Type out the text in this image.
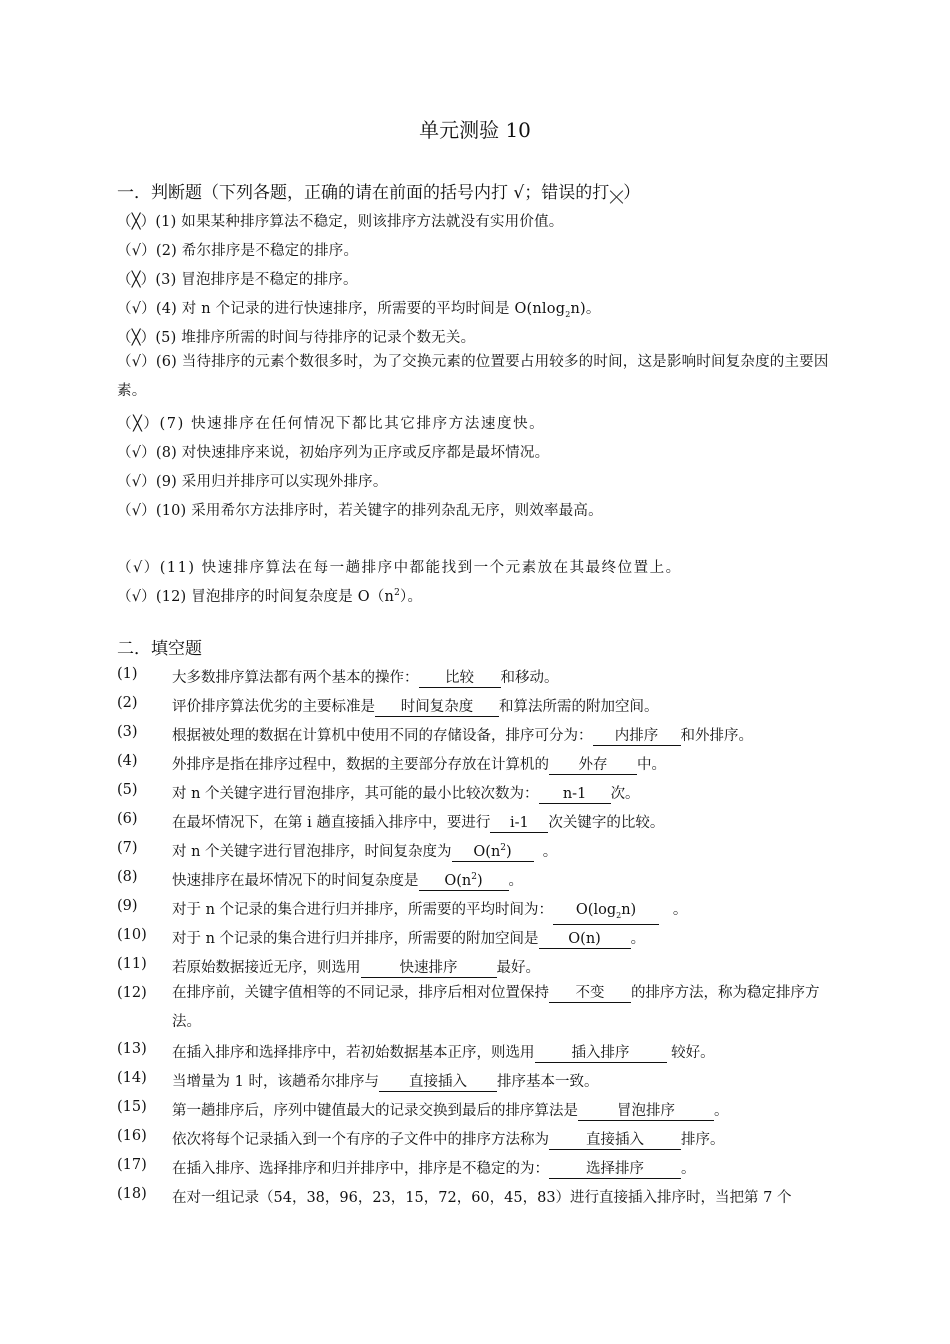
单元测验 10
一．判断题（下列各题，正确的请在前面的括号内打 √；错误的打 ）
（╳）(1) 如果某种排序算法不稳定，则该排序方法就没有实用价值。
（√）(2) 希尔排序是不稳定的排序。
（╳）(3) 冒泡排序是不稳定的排序。
（√）(4) 对 n 个记录的进行快速排序，所需要的平均时间是 O(nlog$_2$n)。
（╳）(5) 堆排序所需的时间与待排序的记录个数无关。
（√）(6) 当待排序的元素个数很多时，为了交换元素的位置要占用较多的时间，这是影响时间复杂度的主要因素。
（╳）(7) 快速排序在任何情况下都比其它排序方法速度快。
（√）(8) 对快速排序来说，初始序列为正序或反序都是最坏情况。
（√）(9) 采用归并排序可以实现外排序。
（√）(10) 采用希尔方法排序时，若关键字的排列杂乱无序，则效率最高。
（√）(11) 快速排序算法在每一趟排序中都能找到一个元素放在其最终位置上。
（√）(12) 冒泡排序的时间复杂度是 $O(n^2)$。
二．填空题
(1) 大多数排序算法都有两个基本的操作： 比较 和移动。
(2) 评价排序算法优劣的主要标准是 时间复杂度 和算法所需的附加空间。
(3) 根据被处理的数据在计算机中使用不同的存储设备，排序可分为： 内排序 和外排序。
(4) 外排序是指在排序过程中，数据的主要部分存放在计算机的 外存 中。
(5) 对 n 个关键字进行冒泡排序，其可能的最小比较次数为： n-1 次。
(6) 在最坏情况下，在第 i 趟直接插入排序中，要进行 i-1 次关键字的比较。
(7) 对 n 个关键字进行冒泡排序，时间复杂度为 $O(n^2)$ 。
(8) 快速排序在最坏情况下的时间复杂度是 $O(n^2)$ 。
(9) 对于 n 个记录的集合进行归并排序，所需要的平均时间为： $O(\log_2n)$	。
(10) 对于 n 个记录的集合进行归并排序，所需要的附加空间是 O(n) 。
(11) 若原始数据接近无序，则选用	快速排序	最好。
(12) 在排序前，关键字值相等的不同记录，排序后相对位置保持 不变 的排序方法，称为稳定排序方法。
(13) 在插入排序和选择排序中，若初始数据基本正序，则选用	插入排序	较好。
(14) 当增量为 1 时，该趟希尔排序与 直接插入 排序基本一致。
(15) 第一趟排序后，序列中键值最大的记录交换到最后的排序算法是	冒泡排序	。
(16) 依次将每个记录插入到一个有序的子文件中的排序方法称为	直接插入	排序。
(17) 在插入排序、选择排序和归并排序中，排序是不稳定的为：	选择排序	。
(18) 在对一组记录（54，38，96，23，15，72，60，45，83）进行直接插入排序时，当把第 7 个
